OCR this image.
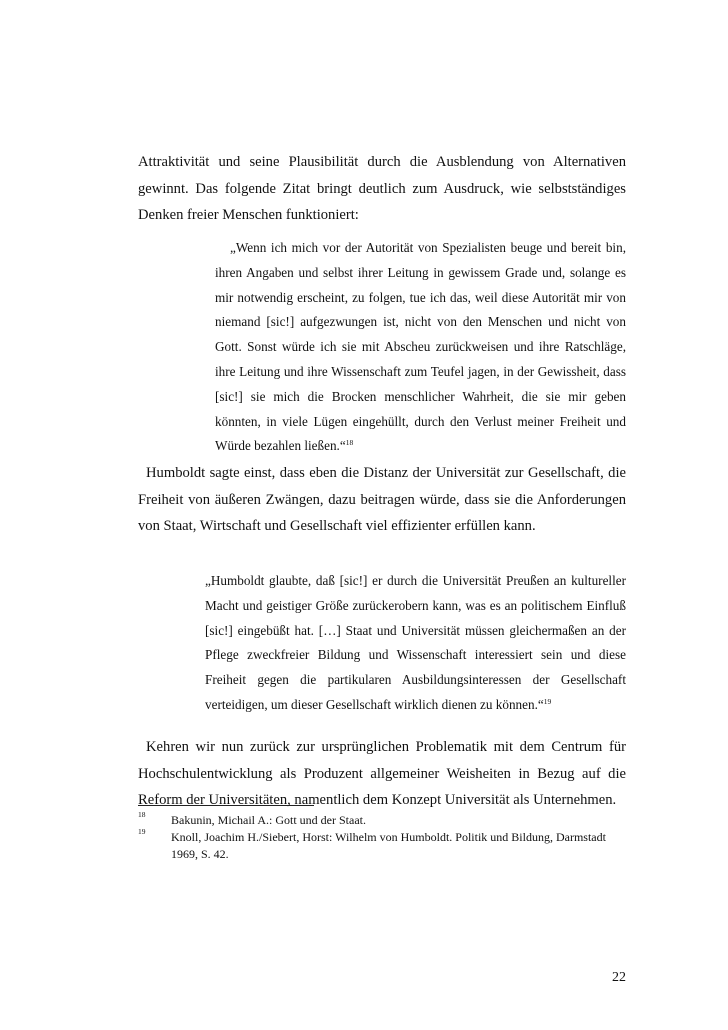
Attraktivität und seine Plausibilität durch die Ausblendung von Alternativen gewinnt. Das folgende Zitat bringt deutlich zum Ausdruck, wie selbstständiges Denken freier Menschen funktioniert:

„Wenn ich mich vor der Autorität von Spezialisten beuge und bereit bin, ihren Angaben und selbst ihrer Leitung in gewissem Grade und, solange es mir notwendig erscheint, zu folgen, tue ich das, weil diese Autorität mir von niemand [sic!] aufgezwungen ist, nicht von den Menschen und nicht von Gott. Sonst würde ich sie mit Abscheu zurückweisen und ihre Ratschläge, ihre Leitung und ihre Wissenschaft zum Teufel jagen, in der Gewissheit, dass [sic!] sie mich die Brocken menschlicher Wahrheit, die sie mir geben könnten, in viele Lügen eingehüllt, durch den Verlust meiner Freiheit und Würde bezahlen ließen.“$^{18}$

Humboldt sagte einst, dass eben die Distanz der Universität zur Gesellschaft, die Freiheit von äußeren Zwängen, dazu beitragen würde, dass sie die Anforderungen von Staat, Wirtschaft und Gesellschaft viel effizienter erfüllen kann.

„Humboldt glaubte, daß [sic!] er durch die Universität Preußen an kultureller Macht und geistiger Größe zurückerobern kann, was es an politischem Einfluß [sic!] eingebüßt hat. […] Staat und Universität müssen gleichermaßen an der Pflege zweckfreier Bildung und Wissenschaft interessiert sein und diese Freiheit gegen die partikularen Ausbildungsinteressen der Gesellschaft verteidigen, um dieser Gesellschaft wirklich dienen zu können.“$^{19}$

Kehren wir nun zurück zur ursprünglichen Problematik mit dem Centrum für Hochschulentwicklung als Produzent allgemeiner Weisheiten in Bezug auf die Reform der Universitäten, namentlich dem Konzept Universität als Unternehmen.

18 Bakunin, Michail A.: Gott und der Staat.
19 Knoll, Joachim H./Siebert, Horst: Wilhelm von Humboldt. Politik und Bildung, Darmstadt
1969, S. 42.
22
